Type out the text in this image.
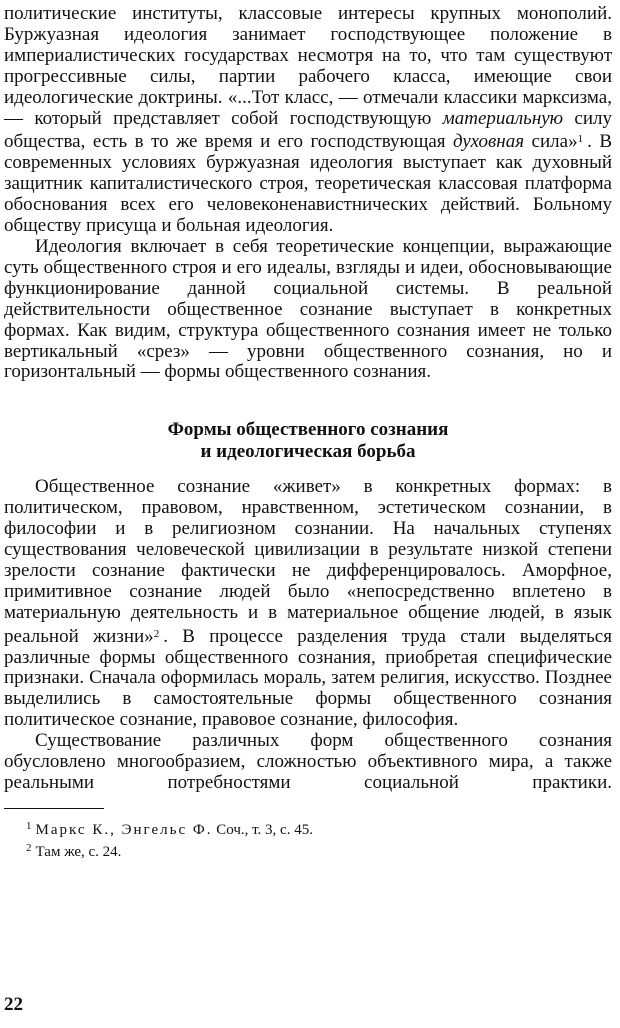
политические институты, классовые интересы крупных монополий. Буржуазная идеология занимает господствующее положение в империалистических государствах несмотря на то, что там существуют прогрессивные силы, партии рабочего класса, имеющие свои идеологические доктрины. «...Тот класс, — отмечали классики марксизма, — который представляет собой господствующую материальную силу общества, есть в то же время и его господствующая духовная сила»$^1$ . В современных условиях буржуазная идеология выступает как духовный защитник капиталистического строя, теоретическая классовая платформа обоснования всех его человеконенавистнических действий. Больному обществу присуща и больная идеология.

Идеология включает в себя теоретические концепции, выражающие суть общественного строя и его идеалы, взгляды и идеи, обосновывающие функционирование данной социальной системы. В реальной действительности общественное сознание выступает в конкретных формах. Как видим, структура общественного сознания имеет не только вертикальный «срез» — уровни общественного сознания, но и горизонтальный — формы общественного сознания.

Формы общественного сознания

и идеологическая борьба

Общественное сознание «живет» в конкретных формах: в политическом, правовом, нравственном, эстетическом сознании, в философии и в религиозном сознании. На начальных ступенях существования человеческой цивилизации в результате низкой степени зрелости сознание фактически не дифференцировалось. Аморфное, примитивное сознание людей было «непосредственно вплетено в материальную деятельность и в материальное общение людей, в язык реальной жизни»$^2$ . В процессе разделения труда стали выделяться различные формы общественного сознания, приобретая специфические признаки. Сначала оформилась мораль, затем религия, искусство. Позднее выделились в самостоятельные формы общественного сознания политическое сознание, правовое сознание, философия.

Существование различных форм общественного сознания обусловлено многообразием, сложностью объективного мира, а также реальными потребностями социальной практики.

$^1$ Маркс К., Энгельс Ф. Соч., т. 3, с. 45.

$^2$ Там же, с. 24.

22
